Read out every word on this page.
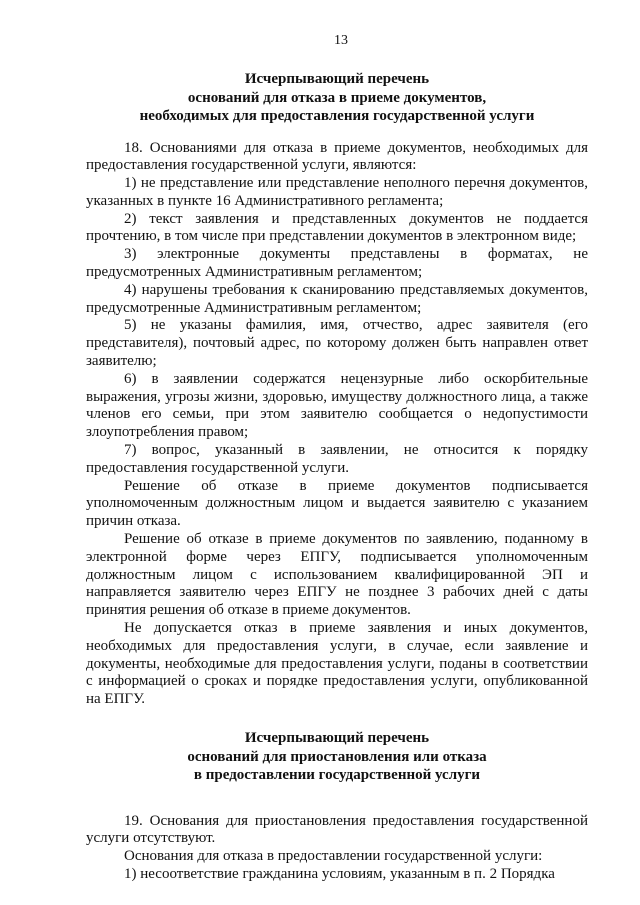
13
Исчерпывающий перечень
оснований для отказа в приеме документов,
необходимых для предоставления государственной услуги

18. Основаниями для отказа в приеме документов, необходимых для предоставления государственной услуги, являются:

1) не представление или представление неполного перечня документов, указанных в пункте 16 Административного регламента;

2) текст заявления и представленных документов не поддается прочтению, в том числе при представлении документов в электронном виде;

3) электронные документы представлены в форматах, не предусмотренных Административным регламентом;

4) нарушены требования к сканированию представляемых документов, предусмотренные Административным регламентом;

5) не указаны фамилия, имя, отчество, адрес заявителя (его представителя), почтовый адрес, по которому должен быть направлен ответ заявителю;

6) в заявлении содержатся нецензурные либо оскорбительные выражения, угрозы жизни, здоровью, имуществу должностного лица, а также членов его семьи, при этом заявителю сообщается о недопустимости злоупотребления правом;

7) вопрос, указанный в заявлении, не относится к порядку предоставления государственной услуги.

Решение об отказе в приеме документов подписывается уполномоченным должностным лицом и выдается заявителю с указанием причин отказа.

Решение об отказе в приеме документов по заявлению, поданному в электронной форме через ЕПГУ, подписывается уполномоченным должностным лицом с использованием квалифицированной ЭП и направляется заявителю через ЕПГУ не позднее 3 рабочих дней с даты принятия решения об отказе в приеме документов.

Не допускается отказ в приеме заявления и иных документов, необходимых для предоставления услуги, в случае, если заявление и документы, необходимые для предоставления услуги, поданы в соответствии с информацией о сроках и порядке предоставления услуги, опубликованной на ЕПГУ.

Исчерпывающий перечень
оснований для приостановления или отказа
в предоставлении государственной услуги

19. Основания для приостановления предоставления государственной услуги отсутствуют.

Основания для отказа в предоставлении государственной услуги:

1) несоответствие гражданина условиям, указанным в п. 2 Порядка
